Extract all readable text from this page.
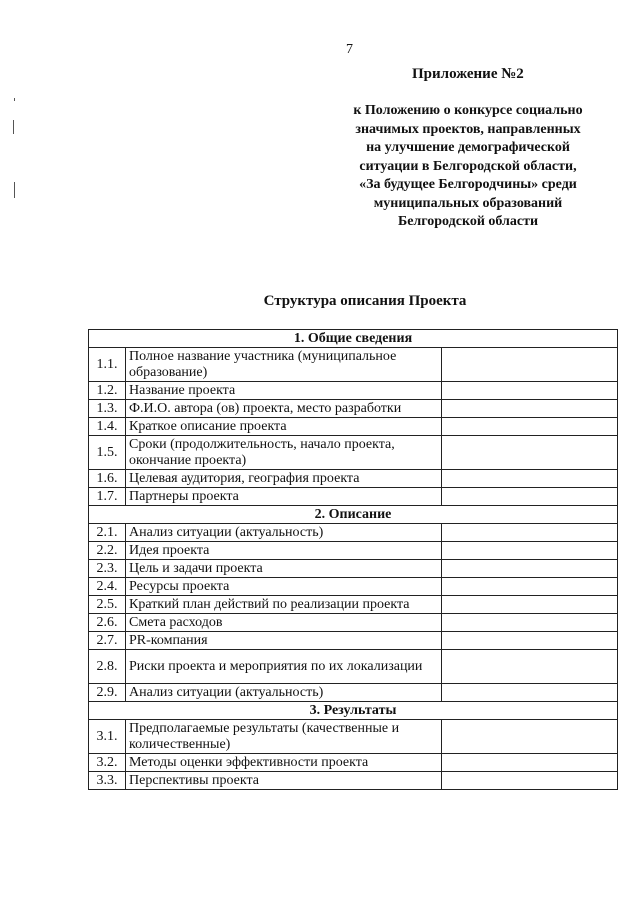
7
Приложение №2
к Положению о конкурсе социально
значимых проектов, направленных
на улучшение демографической
ситуации в Белгородской области,
«За будущее Белгородчины» среди
муниципальных образований
Белгородской области
Структура описания Проекта
1. Общие сведения		
1.1.	Полное название участника (муниципальное образование)	
1.2.	Название проекта	
1.3.	Ф.И.О. автора (ов) проекта, место разработки	
1.4.	Краткое описание проекта	
1.5.	Сроки (продолжительность, начало проекта, окончание проекта)	
1.6.	Целевая аудитория, география проекта	
1.7.	Партнеры проекта	
2. Описание		
2.1.	Анализ ситуации (актуальность)	
2.2.	Идея проекта	
2.3.	Цель и задачи проекта	
2.4.	Ресурсы проекта	
2.5.	Краткий план действий по реализации проекта	
2.6.	Смета расходов	
2.7.	PR-компания	
2.8.	Риски проекта и мероприятия по их локализации	
2.9.	Анализ ситуации (актуальность)	
3. Результаты		
3.1.	Предполагаемые результаты (качественные и количественные)	
3.2.	Методы оценки эффективности проекта	
3.3.	Перспективы проекта	
